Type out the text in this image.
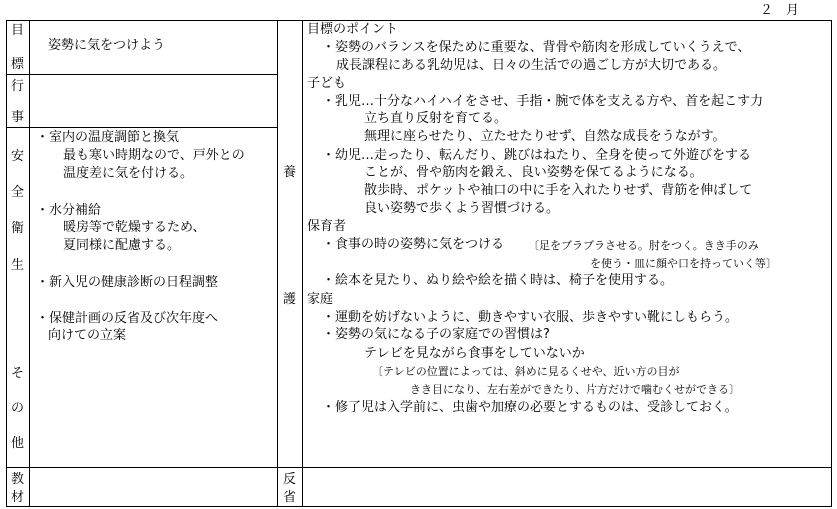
２　月
目
標
行
事
安
全
衛
生
そ
の
他
教
材
養
護
反
省
姿勢に気をつけよう
・室内の温度調節と換気
最も寒い時期なので、戸外との
温度差に気を付ける。
・水分補給
暖房等で乾燥するため、
夏同様に配慮する。
・新入児の健康診断の日程調整
・保健計画の反省及び次年度へ
向けての立案
目標のポイント
・姿勢のバランスを保ために重要な、背骨や筋肉を形成していくうえで、
成長課程にある乳幼児は、日々の生活での過ごし方が大切である。
子ども
・乳児…十分なハイハイをさせ、手指・腕で体を支える方や、首を起こす力
立ち直り反射を育てる。
無理に座らせたり、立たせたりせず、自然な成長をうながす。
・幼児…走ったり、転んだり、跳びはねたり、全身を使って外遊びをする
ことが、骨や筋肉を鍛え、良い姿勢を保てるようになる。
散歩時、ポケットや袖口の中に手を入れたりせず、背筋を伸ばして
良い姿勢で歩くよう習慣づける。
保育者
・食事の時の姿勢に気をつける 〔足をブラブラさせる。肘をつく。きき手のみ
を使う・皿に顔や口を持っていく等〕
・絵本を見たり、ぬり絵や絵を描く時は、椅子を使用する。
家庭
・運動を妨げないように、動きやすい衣服、歩きやすい靴にしもらう。
・姿勢の気になる子の家庭での習慣は?
テレビを見ながら食事をしていないか
〔テレビの位置によっては、斜めに見るくせや、近い方の目が
きき目になり、左右差ができたり、片方だけで噛むくせができる〕
・修了児は入学前に、虫歯や加療の必要とするものは、受診しておく。
